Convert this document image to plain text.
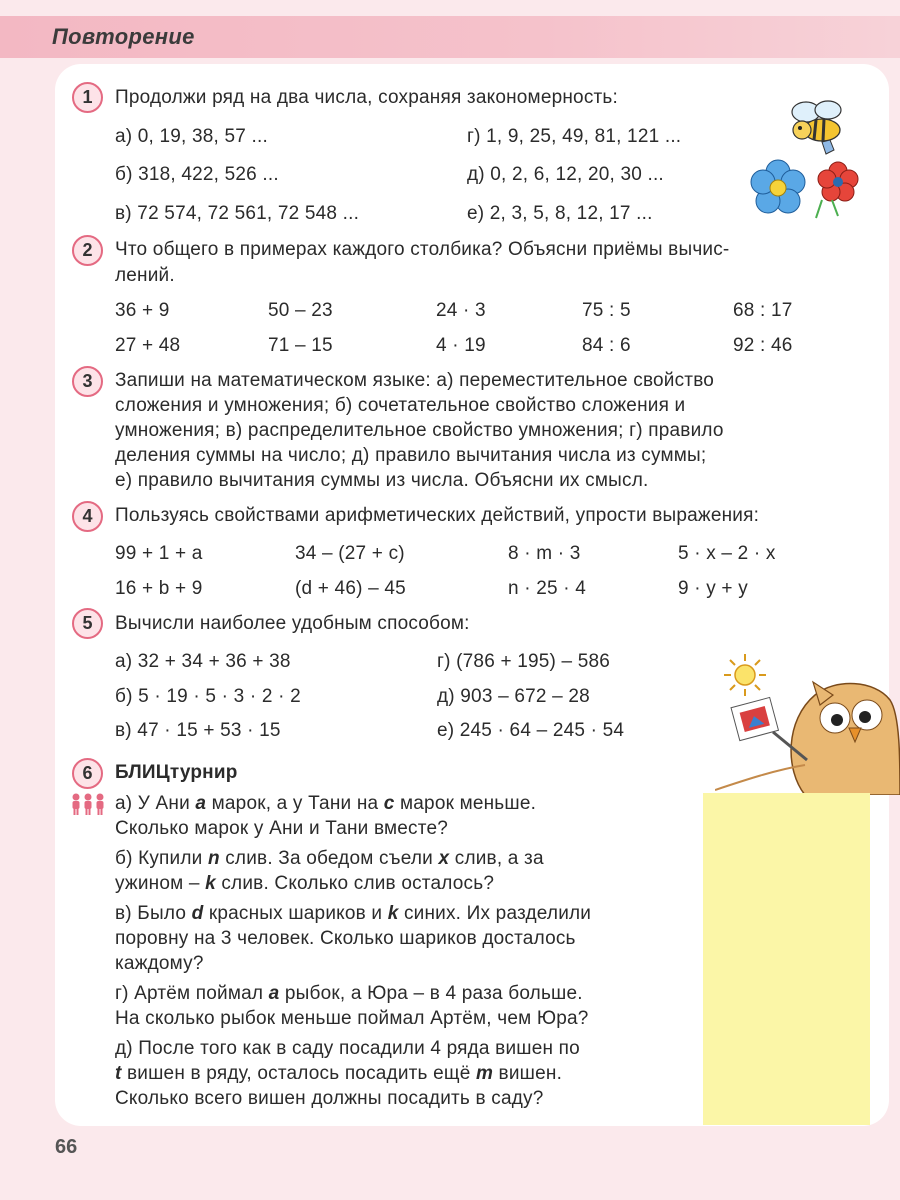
Повторение
1	Продолжи ряд на два числа, сохраняя закономерность:
а) 0, 19, 38, 57 ...
б) 318, 422, 526 ...
в) 72 574, 72 561, 72 548 ...
г) 1, 9, 25, 49, 81, 121 ...
д) 0, 2, 6, 12, 20, 30 ...
е) 2, 3, 5, 8, 12, 17 ...
2	Что общего в примерах каждого столбика? Объясни приёмы вычис-
лений.
36 + 9	50 – 23	24 · 3	75 : 5	68 : 17
27 + 48	71 – 15	4 · 19	84 : 6	92 : 46
3	Запиши на математическом языке: а) переместительное свойство
сложения и умножения; б) сочетательное свойство сложения и
умножения; в) распределительное свойство умножения; г) правило
деления суммы на число; д) правило вычитания числа из суммы;
е) правило вычитания суммы из числа. Объясни их смысл.
4	Пользуясь свойствами арифметических действий, упрости выражения:
99 + 1 + a	34 – (27 + c)	8 · m · 3	5 · x – 2 · x
16 + b + 9	(d + 46) – 45	n · 25 · 4	9 · y + y
5	Вычисли наиболее удобным способом:
а) 32 + 34 + 36 + 38
б) 5 · 19 · 5 · 3 · 2 · 2
в) 47 · 15 + 53 · 15
г) (786 + 195) – 586
д) 903 – 672 – 28
е) 245 · 64 – 245 · 54
6	БЛИЦтурнир
а) У Ани a марок, а у Тани на c марок меньше.
Сколько марок у Ани и Тани вместе?
б) Купили n слив. За обедом съели x слив, а за
ужином – k слив. Сколько слив осталось?
в) Было d красных шариков и k синих. Их разделили
поровну на 3 человек. Сколько шариков досталось
каждому?
г) Артём поймал a рыбок, а Юра – в 4 раза больше.
На сколько рыбок меньше поймал Артём, чем Юра?
д) После того как в саду посадили 4 ряда вишен по
t вишен в ряду, осталось посадить ещё m вишен.
Сколько всего вишен должны посадить в саду?
66
